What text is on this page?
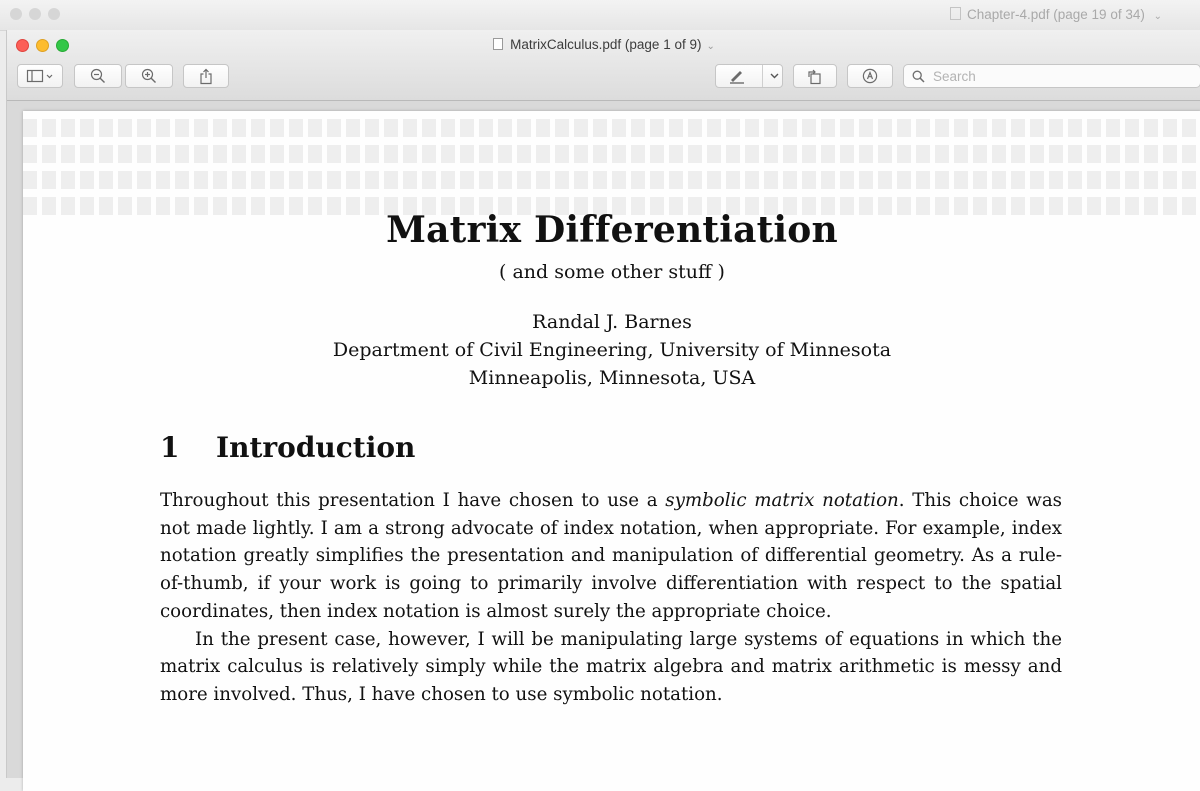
Chapter-4.pdf (page 19 of 34) ⌄
MatrixCalculus.pdf (page 1 of 9) ⌄
Search
Matrix Differentiation
( and some other stuff )
Randal J. Barnes
Department of Civil Engineering, University of Minnesota
Minneapolis, Minnesota, USA
1 Introduction

Throughout this presentation I have chosen to use a symbolic matrix notation. This choice was not made lightly. I am a strong advocate of index notation, when appropriate. For example, index notation greatly simplifies the presentation and manipulation of differential geometry. As a rule-of-thumb, if your work is going to primarily involve differentiation with respect to the spatial coordinates, then index notation is almost surely the appropriate choice.

In the present case, however, I will be manipulating large systems of equations in which the matrix calculus is relatively simply while the matrix algebra and matrix arithmetic is messy and more involved. Thus, I have chosen to use symbolic notation.
